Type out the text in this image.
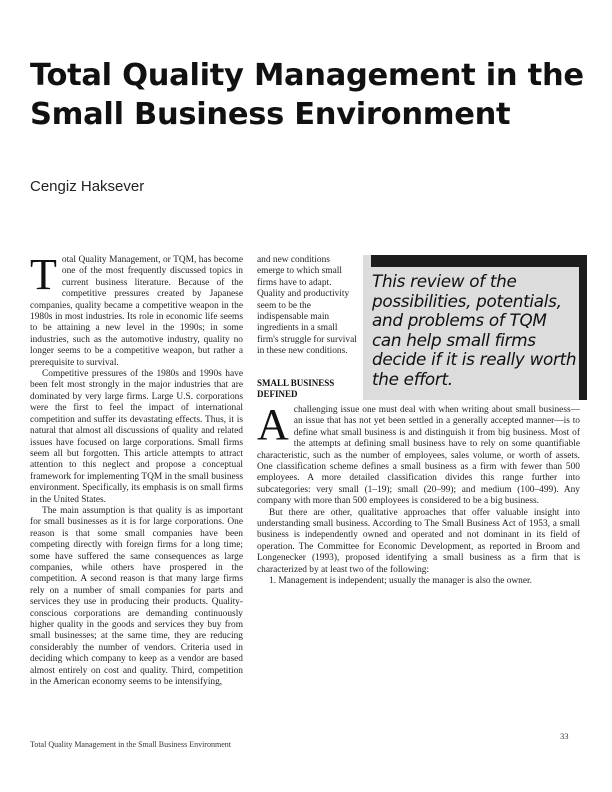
Total Quality Management in the Small Business Environment
Cengiz Haksever

Total Quality Management, or TQM, has become one of the most frequently discussed topics in current business literature. Because of the competitive pressures created by Japanese companies, quality became a competitive weapon in the 1980s in most industries. Its role in economic life seems to be attaining a new level in the 1990s; in some industries, such as the automotive industry, quality no longer seems to be a competitive weapon, but rather a prerequisite to survival.

Competitive pressures of the 1980s and 1990s have been felt most strongly in the major industries that are dominated by very large firms. Large U.S. corporations were the first to feel the impact of international competition and suffer its devastating effects. Thus, it is natural that almost all discussions of quality and related issues have focused on large corporations. Small firms seem all but forgotten. This article attempts to attract attention to this neglect and propose a conceptual framework for implementing TQM in the small business environment. Specifically, its emphasis is on small firms in the United States.

The main assumption is that quality is as important for small businesses as it is for large corporations. One reason is that some small companies have been competing directly with foreign firms for a long time; some have suffered the same consequences as large companies, while others have prospered in the competition. A second reason is that many large firms rely on a number of small companies for parts and services they use in producing their products. Quality-conscious corporations are demanding continuously higher quality in the goods and services they buy from small businesses; at the same time, they are reducing considerably the number of vendors. Criteria used in deciding which company to keep as a vendor are based almost entirely on cost and quality. Third, competition in the American economy seems to be intensifying,

and new conditions emerge to which small firms have to adapt. Quality and productivity seem to be the indispensable main ingredients in a small firm's struggle for survival in these new conditions.

This review of the possibilities, potentials, and problems of TQM can help small firms decide if it is really worth the effort.
SMALL BUSINESS DEFINED

Achallenging issue one must deal with when writing about small business—an issue that has not yet been settled in a generally accepted manner—is to define what small business is and distinguish it from big business. Most of the attempts at defining small business have to rely on some quantifiable characteristic, such as the number of employees, sales volume, or worth of assets. One classification scheme defines a small business as a firm with fewer than 500 employees. A more detailed classification divides this range further into subcategories: very small (1–19); small (20–99); and medium (100–499). Any company with more than 500 employees is considered to be a big business.

But there are other, qualitative approaches that offer valuable insight into understanding small business. According to The Small Business Act of 1953, a small business is independently owned and operated and not dominant in its field of operation. The Committee for Economic Development, as reported in Broom and Longenecker (1993), proposed identifying a small business as a firm that is characterized by at least two of the following:

1. Management is independent; usually the manager is also the owner.

Total Quality Management in the Small Business Environment
33
